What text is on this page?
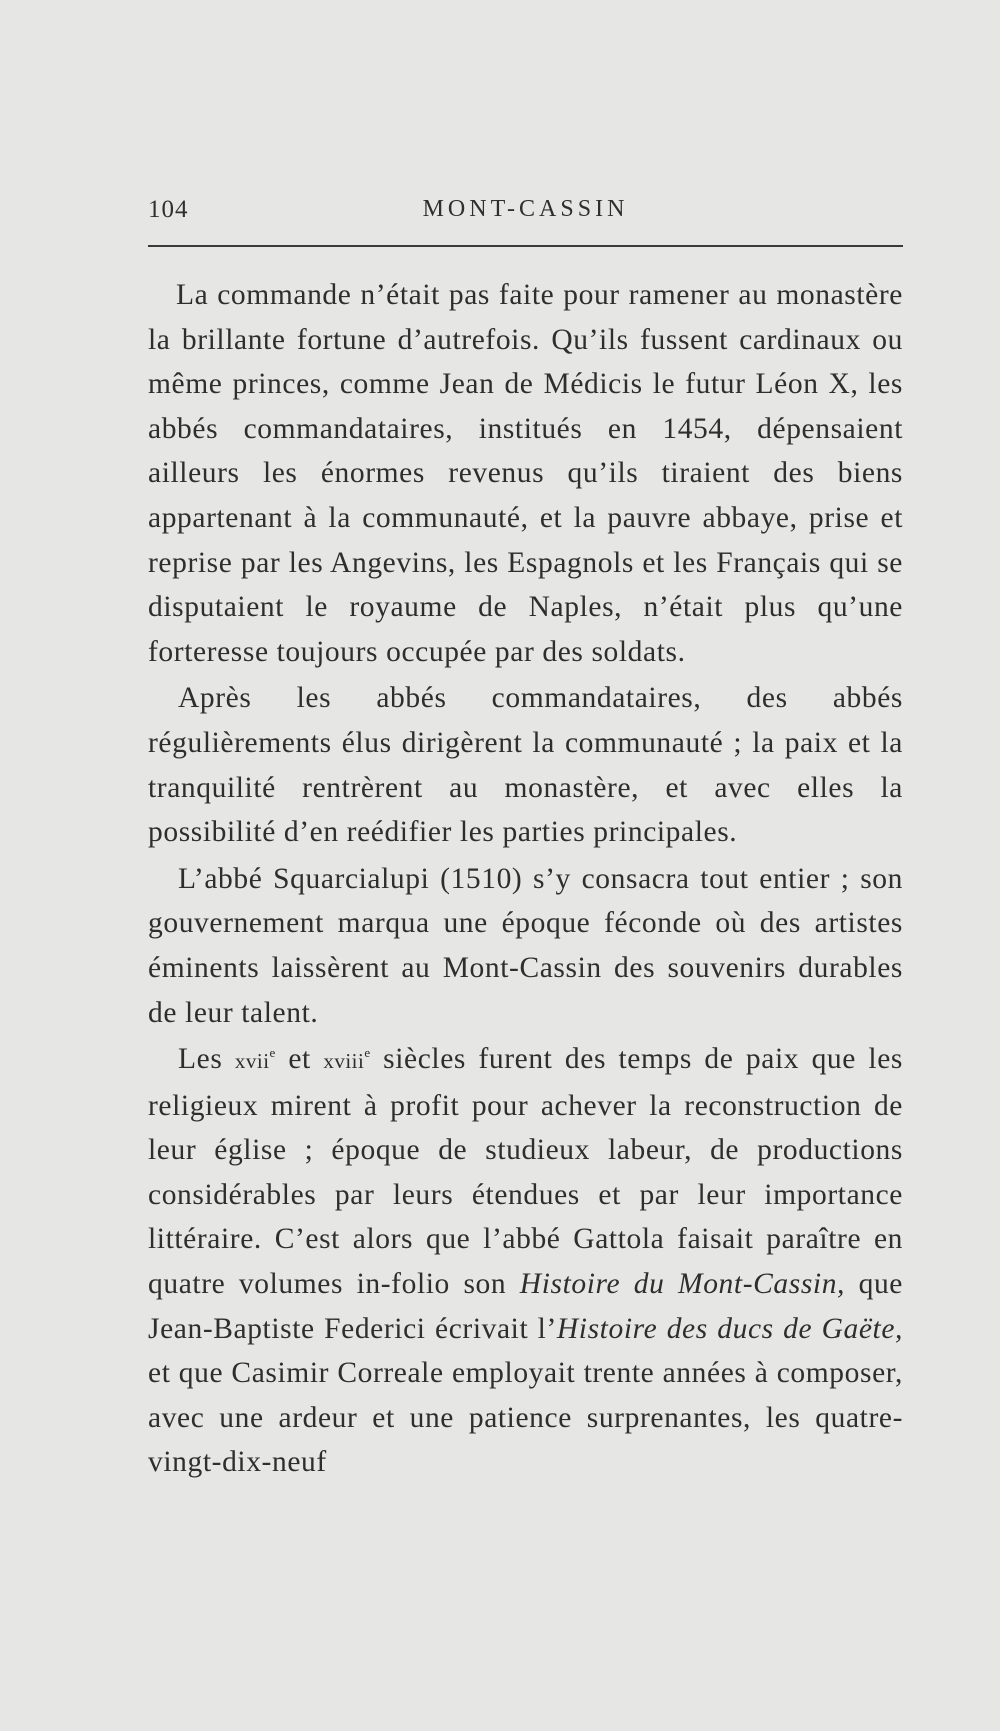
104	MONT-CASSIN

La commande n’était pas faite pour ramener au monastère la brillante fortune d’autrefois. Qu’ils fussent cardinaux ou même princes, comme Jean de Médicis le futur Léon X, les abbés commandataires, institués en 1454, dépensaient ailleurs les énormes revenus qu’ils tiraient des biens appartenant à la communauté, et la pauvre abbaye, prise et reprise par les Angevins, les Espagnols et les Français qui se disputaient le royaume de Naples, n’était plus qu’une forteresse toujours occupée par des soldats.

Après les abbés commandataires, des abbés régulièrements élus dirigèrent la communauté ; la paix et la tranquilité rentrèrent au monastère, et avec elles la possibilité d’en reédifier les parties principales.

L’abbé Squarcialupi (1510) s’y consacra tout entier ; son gouvernement marqua une époque féconde où des artistes éminents laissèrent au Mont-Cassin des souvenirs durables de leur talent.

Les xvii$^e$ et xviii$^e$ siècles furent des temps de paix que les religieux mirent à profit pour achever la reconstruction de leur église ; époque de studieux labeur, de productions considérables par leurs étendues et par leur importance littéraire. C’est alors que l’abbé Gattola faisait paraître en quatre volumes in-folio son Histoire du Mont-Cassin, que Jean-Baptiste Federici écrivait l’Histoire des ducs de Gaëte, et que Casimir Correale employait trente années à composer, avec une ardeur et une patience surprenantes, les quatre-vingt-dix-neuf
